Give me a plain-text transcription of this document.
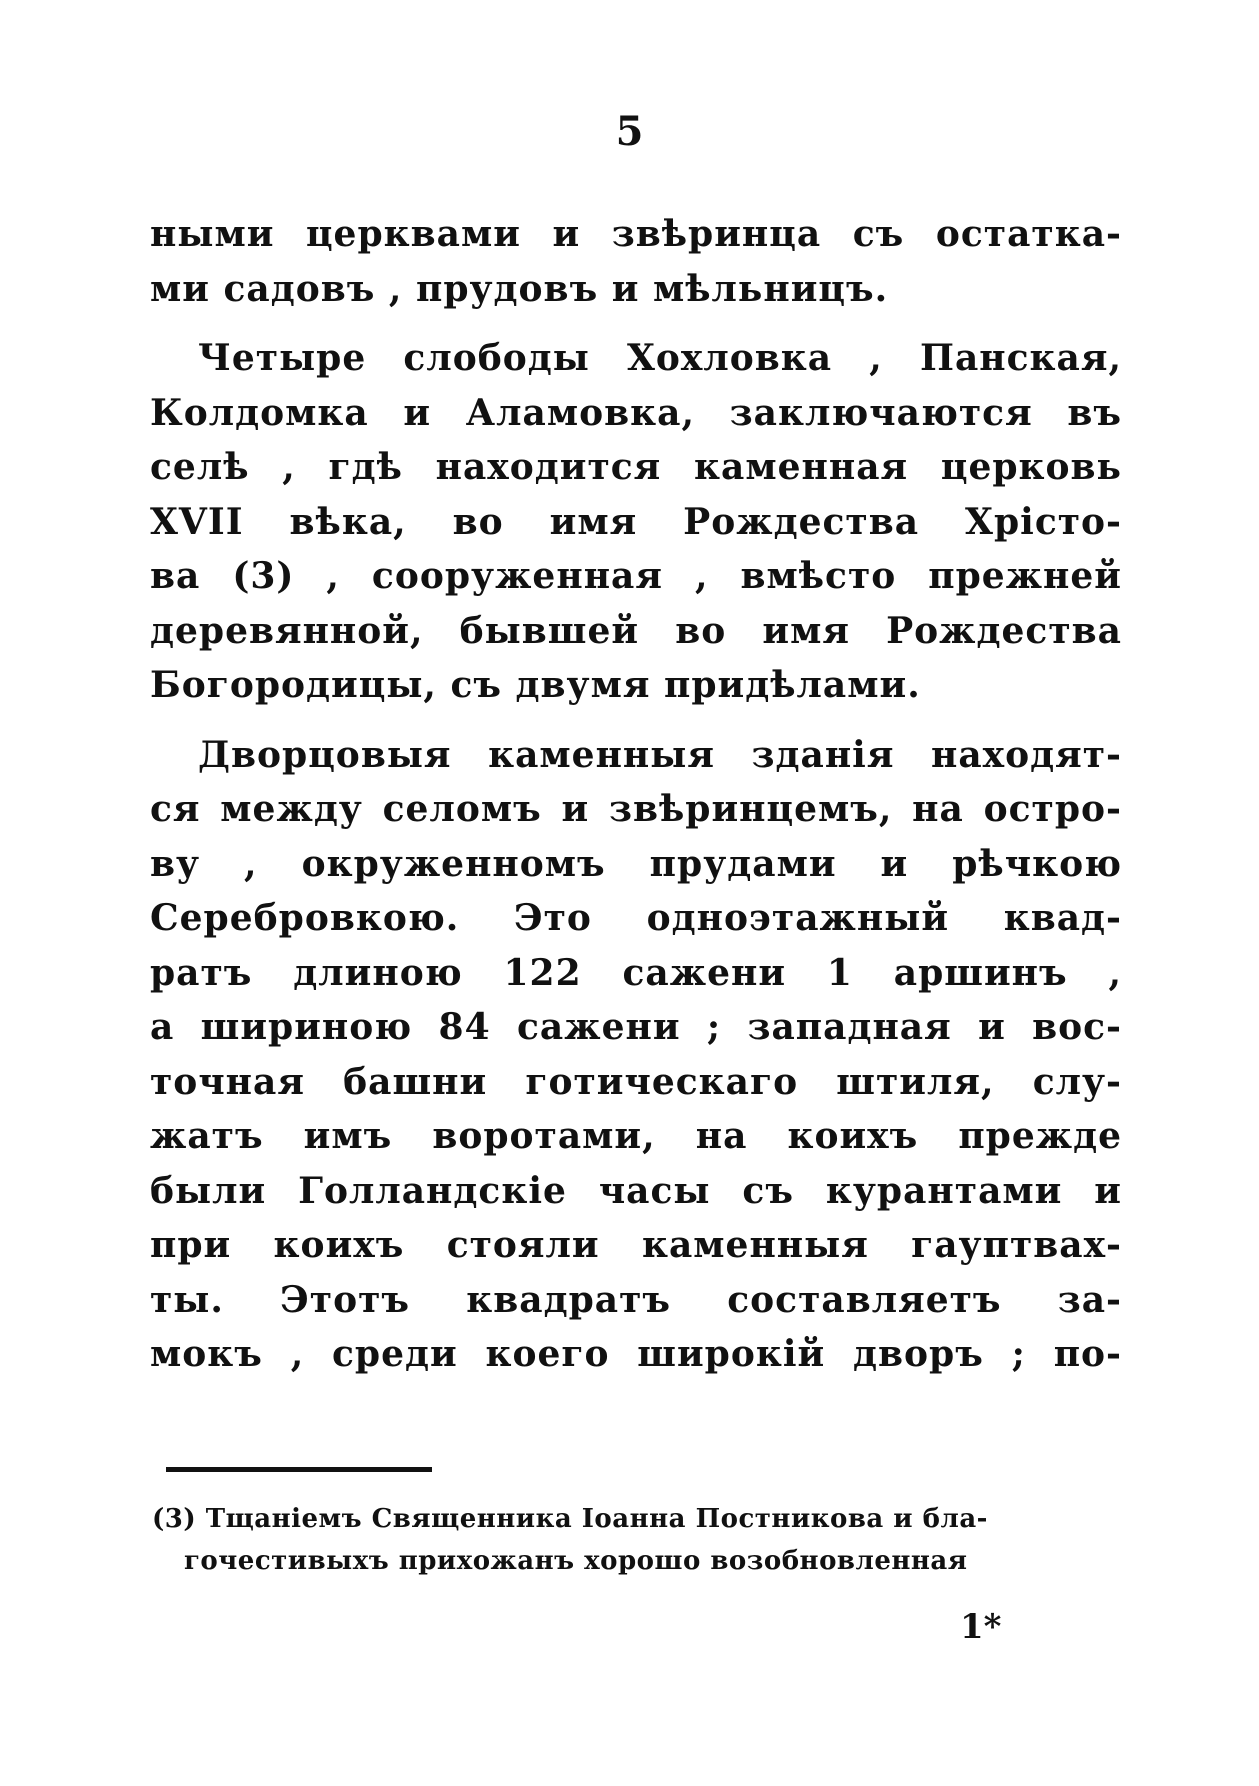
5
ными церквами и звѣринца съ остатка-
ми садовъ , прудовъ и мѣльницъ.
Четыре слободы Хохловка , Панская,
Колдомка и Аламовка, заключаются въ
селѣ , гдѣ находится каменная церковь
XVII вѣка, во имя Рождества Хрісто-
ва (3) , сооруженная , вмѣсто прежней
деревянной, бывшей во имя Рождества
Богородицы, съ двумя придѣлами.
Дворцовыя каменныя зданія находят-
ся между селомъ и звѣринцемъ, на остро-
ву , окруженномъ прудами и рѣчкою
Серебровкою. Это одноэтажный квад-
ратъ длиною 122 сажени 1 аршинъ ,
а шириною 84 сажени ; западная и вос-
точная башни готическаго штиля, слу-
жатъ имъ воротами, на коихъ прежде
были Голландскіе часы съ курантами и
при коихъ стояли каменныя гауптвах-
ты. Этотъ квадратъ составляетъ за-
мокъ , среди коего широкій дворъ ; по-
(3) Тщаніемъ Священника Іоанна Постникова и бла-
гочестивыхъ прихожанъ хорошо возобновленная
1*
